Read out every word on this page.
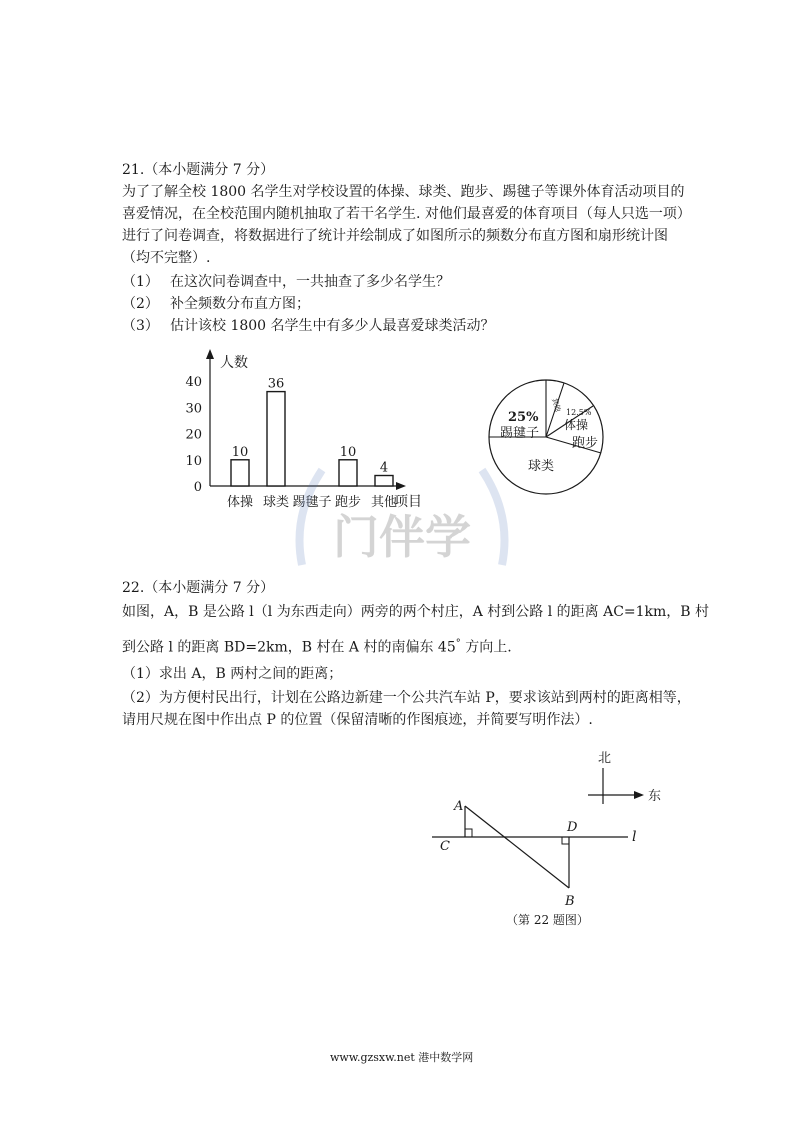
21.（本小题满分 7 分）
为了了解全校 1800 名学生对学校设置的体操、球类、跑步、踢毽子等课外体育活动项目的
喜爱情况，在全校范围内随机抽取了若干名学生. 对他们最喜爱的体育项目（每人只选一项）
进行了问卷调查，将数据进行了统计并绘制成了如图所示的频数分布直方图和扇形统计图
（均不完整）.
（1） 在这次问卷调查中，一共抽查了多少名学生？
（2） 补全频数分布直方图；
（3） 估计该校 1800 名学生中有多少人最喜爱球类活动？
人数
项目
0
10
20
30
40
体操
10
球类
36
踢毽子 跑步
10
其他
4
25%
踢毽子
其他 12.5%
体操
跑步
球类
门伴学
22.（本小题满分 7 分）
如图，A，B 是公路 l（l 为东西走向）两旁的两个村庄，A 村到公路 l 的距离 AC=1km，B 村
到公路 l 的距离 BD=2km，B 村在 A 村的南偏东 45° 方向上.
（1）求出 A，B 两村之间的距离；
（2）为方便村民出行，计划在公路边新建一个公共汽车站 P，要求该站到两村的距离相等，
请用尺规在图中作出点 P 的位置（保留清晰的作图痕迹，并简要写明作法）.
北
东
A
C
D
B
l
（第 22 题图）
www.gzsxw.net 港中数学网
